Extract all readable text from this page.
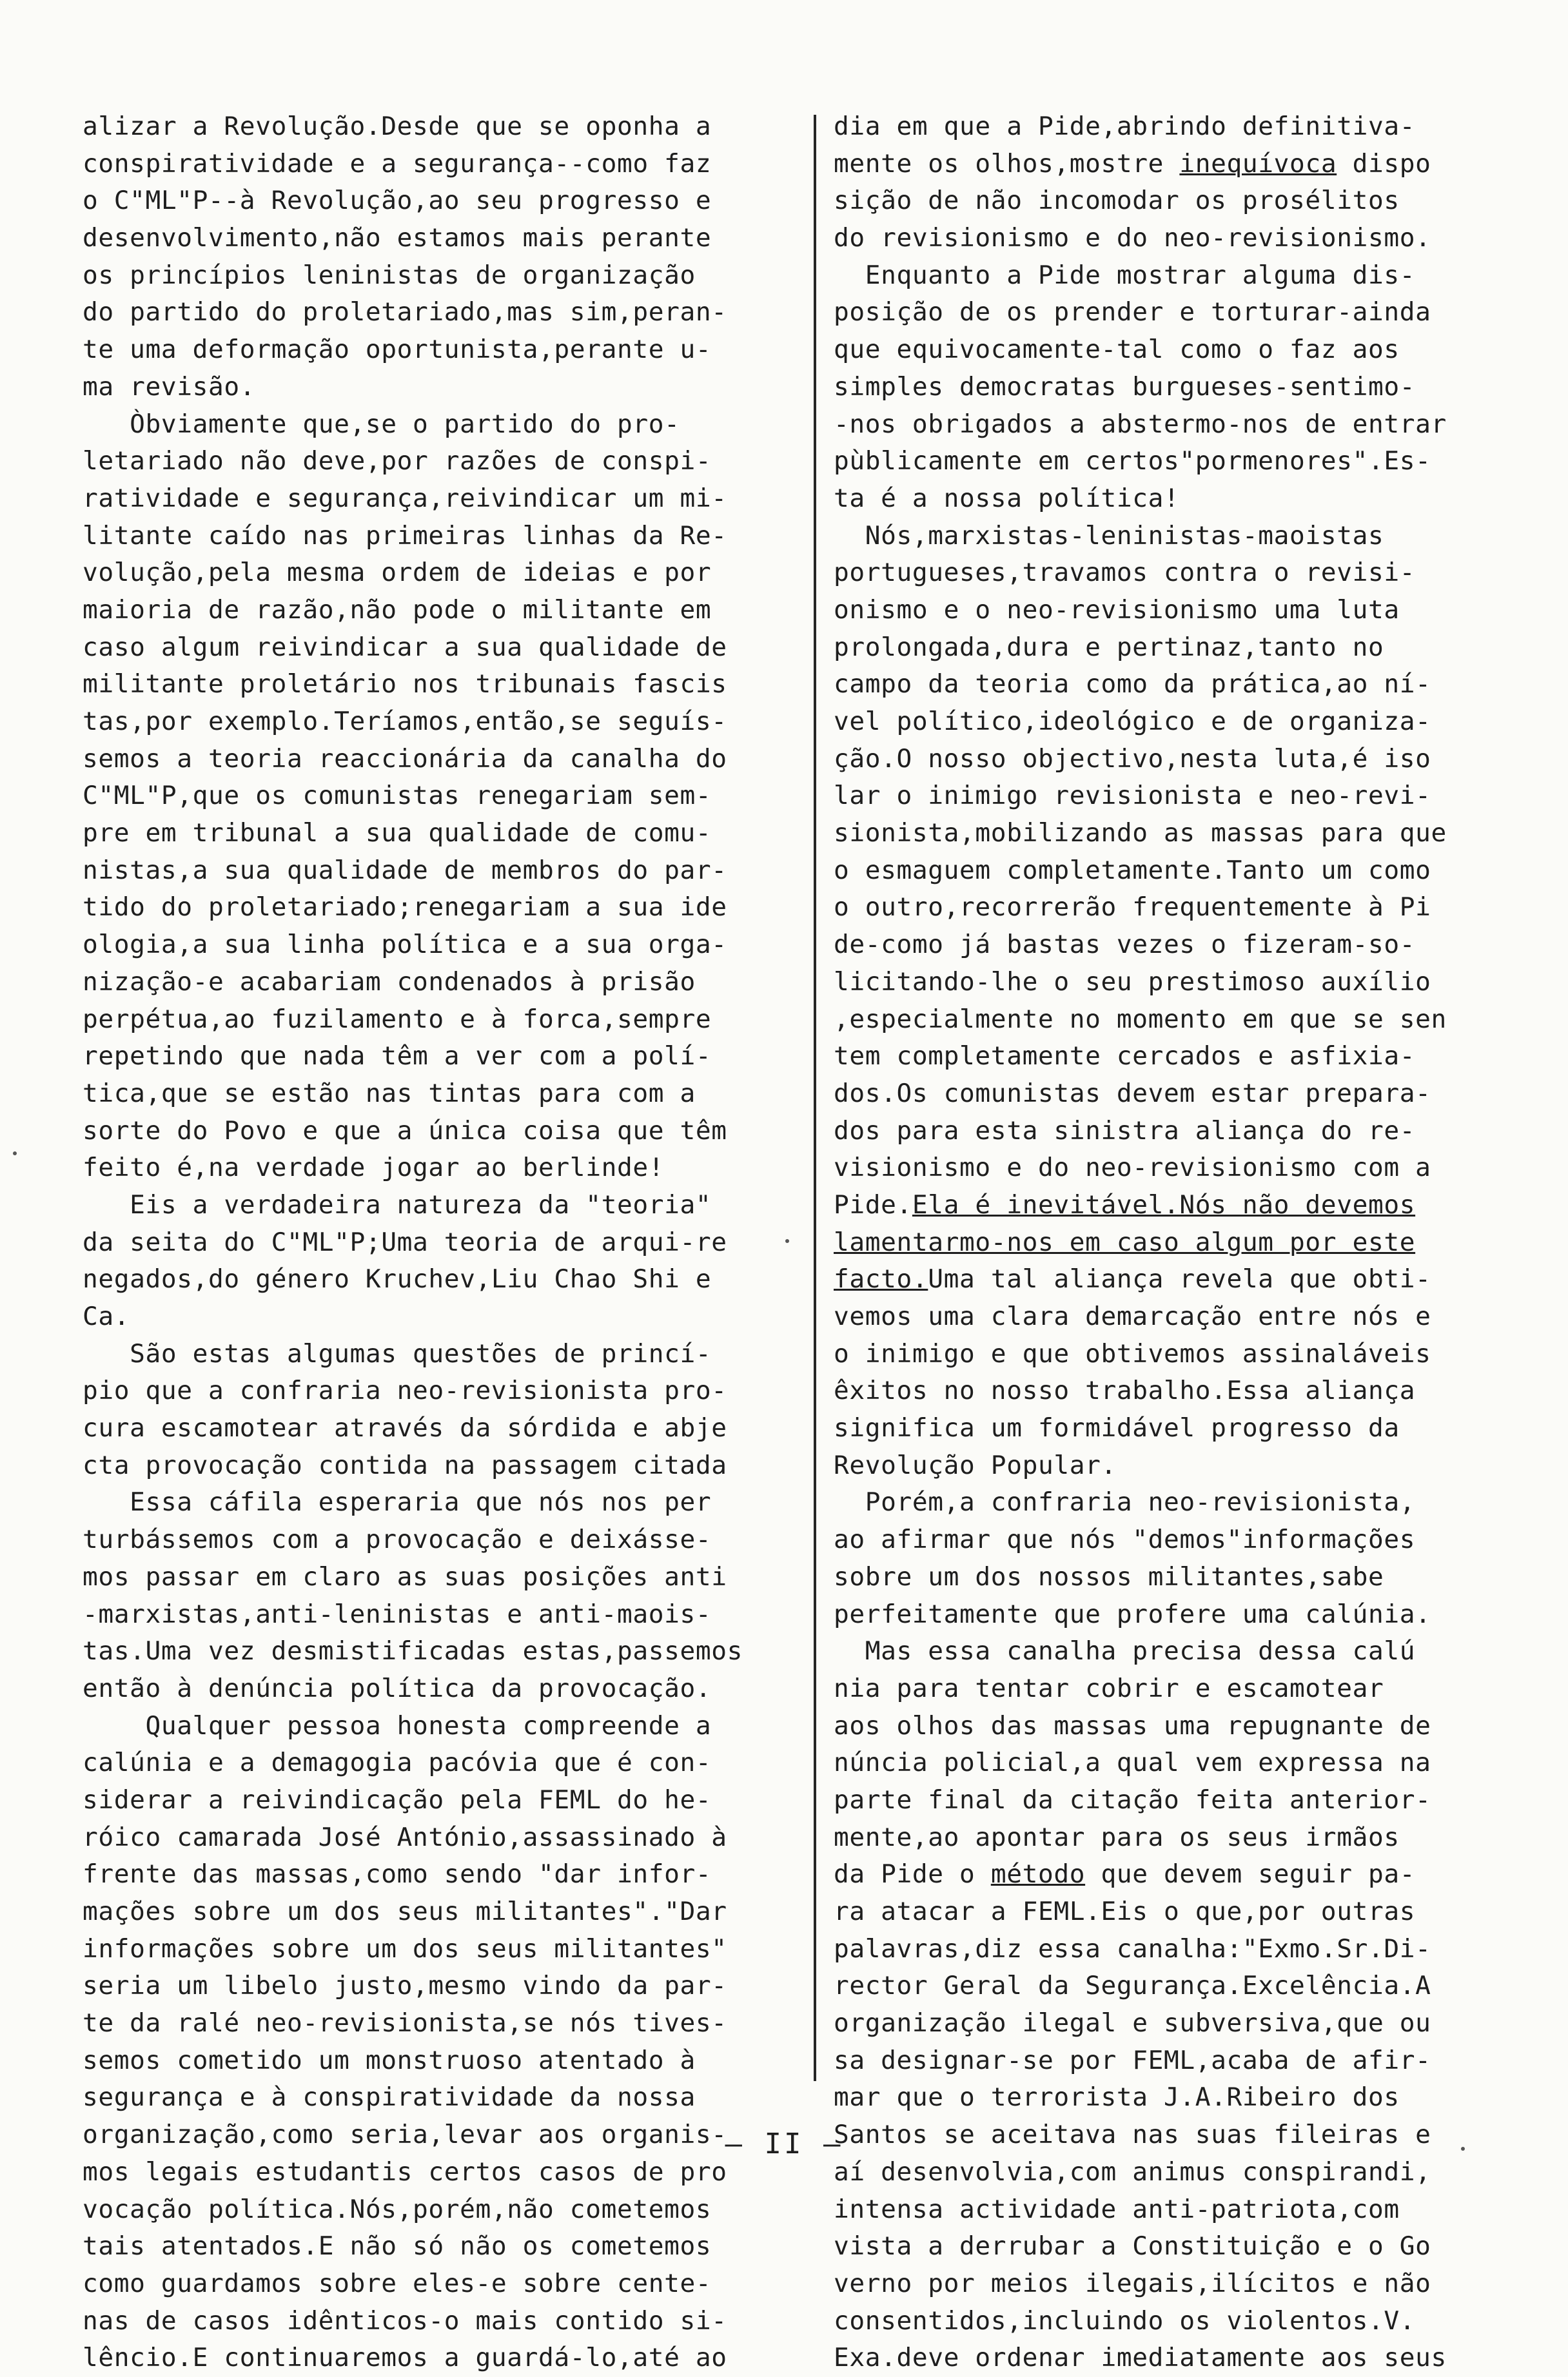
alizar a Revolução.Desde que se oponha a
conspiratividade e a segurança--como faz
o C"ML"P--à Revolução,ao seu progresso e
desenvolvimento,não estamos mais perante
os princípios leninistas de organização
do partido do proletariado,mas sim,peran-
te uma deformação oportunista,perante u-
ma revisão.
Òbviamente que,se o partido do pro-
letariado não deve,por razões de conspi-
ratividade e segurança,reivindicar um mi-
litante caído nas primeiras linhas da Re-
volução,pela mesma ordem de ideias e por
maioria de razão,não pode o militante em
caso algum reivindicar a sua qualidade de
militante proletário nos tribunais fascis
tas,por exemplo.Teríamos,então,se seguís-
semos a teoria reaccionária da canalha do
C"ML"P,que os comunistas renegariam sem-
pre em tribunal a sua qualidade de comu-
nistas,a sua qualidade de membros do par-
tido do proletariado;renegariam a sua ide
ologia,a sua linha política e a sua orga-
nização-e acabariam condenados à prisão
perpétua,ao fuzilamento e à forca,sempre
repetindo que nada têm a ver com a polí-
tica,que se estão nas tintas para com a
sorte do Povo e que a única coisa que têm
feito é,na verdade jogar ao berlinde!
Eis a verdadeira natureza da "teoria"
da seita do C"ML"P;Uma teoria de arqui-re
negados,do género Kruchev,Liu Chao Shi e
Ca.
São estas algumas questões de princí-
pio que a confraria neo-revisionista pro-
cura escamotear através da sórdida e abje
cta provocação contida na passagem citada
Essa cáfila esperaria que nós nos per
turbássemos com a provocação e deixásse-
mos passar em claro as suas posições anti
-marxistas,anti-leninistas e anti-maois-
tas.Uma vez desmistificadas estas,passemos
então à denúncia política da provocação.
Qualquer pessoa honesta compreende a
calúnia e a demagogia pacóvia que é con-
siderar a reivindicação pela FEML do he-
róico camarada José António,assassinado à
frente das massas,como sendo "dar infor-
mações sobre um dos seus militantes"."Dar
informações sobre um dos seus militantes"
seria um libelo justo,mesmo vindo da par-
te da ralé neo-revisionista,se nós tives-
semos cometido um monstruoso atentado à
segurança e à conspiratividade da nossa
organização,como seria,levar aos organis-
mos legais estudantis certos casos de pro
vocação política.Nós,porém,não cometemos
tais atentados.E não só não os cometemos
como guardamos sobre eles-e sobre cente-
nas de casos idênticos-o mais contido si-
lêncio.E continuaremos a guardá-lo,até ao
dia em que a Pide,abrindo definitiva-
mente os olhos,mostre inequívoca dispo
sição de não incomodar os prosélitos
do revisionismo e do neo-revisionismo.
Enquanto a Pide mostrar alguma dis-
posição de os prender e torturar-ainda
que equivocamente-tal como o faz aos
simples democratas burgueses-sentimo-
-nos obrigados a abstermo-nos de entrar
pùblicamente em certos"pormenores".Es-
ta é a nossa política!
Nós,marxistas-leninistas-maoistas
portugueses,travamos contra o revisi-
onismo e o neo-revisionismo uma luta
prolongada,dura e pertinaz,tanto no
campo da teoria como da prática,ao ní-
vel político,ideológico e de organiza-
ção.O nosso objectivo,nesta luta,é iso
lar o inimigo revisionista e neo-revi-
sionista,mobilizando as massas para que
o esmaguem completamente.Tanto um como
o outro,recorrerão frequentemente à Pi
de-como já bastas vezes o fizeram-so-
licitando-lhe o seu prestimoso auxílio
,especialmente no momento em que se sen
tem completamente cercados e asfixia-
dos.Os comunistas devem estar prepara-
dos para esta sinistra aliança do re-
visionismo e do neo-revisionismo com a
Pide.Ela é inevitável.Nós não devemos
lamentarmo-nos em caso algum por este
facto.Uma tal aliança revela que obti-
vemos uma clara demarcação entre nós e
o inimigo e que obtivemos assinaláveis
êxitos no nosso trabalho.Essa aliança
significa um formidável progresso da
Revolução Popular.
Porém,a confraria neo-revisionista,
ao afirmar que nós "demos"informações
sobre um dos nossos militantes,sabe
perfeitamente que profere uma calúnia.
Mas essa canalha precisa dessa calú
nia para tentar cobrir e escamotear
aos olhos das massas uma repugnante de
núncia policial,a qual vem expressa na
parte final da citação feita anterior-
mente,ao apontar para os seus irmãos
da Pide o método que devem seguir pa-
ra atacar a FEML.Eis o que,por outras
palavras,diz essa canalha:"Exmo.Sr.Di-
rector Geral da Segurança.Excelência.A
organização ilegal e subversiva,que ou
sa designar-se por FEML,acaba de afir-
mar que o terrorista J.A.Ribeiro dos
Santos se aceitava nas suas fileiras e
aí desenvolvia,com animus conspirandi,
intensa actividade anti-patriota,com
vista a derrubar a Constituição e o Go
verno por meios ilegais,ilícitos e não
consentidos,incluindo os violentos.V.
Exa.deve ordenar imediatamente aos seus
— II —
